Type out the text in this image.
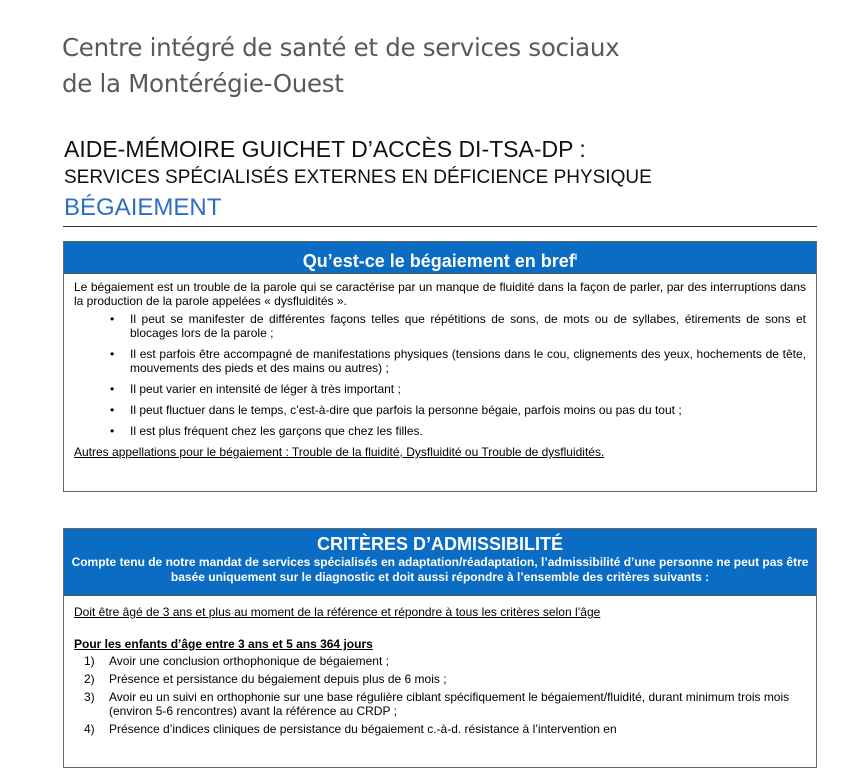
Centre intégré de santé et de services sociaux
de la Montérégie-Ouest
AIDE-MÉMOIRE GUICHET D’ACCÈS DI-TSA-DP :
SERVICES SPÉCIALISÉS EXTERNES EN DÉFICIENCE PHYSIQUE
BÉGAIEMENT
Qu’est-ce le bégaiement en bref$^i$

Le bégaiement est un trouble de la parole qui se caractérise par un manque de fluidité dans la façon de parler, par des interruptions dans la production de la parole appelées « dysfluidités ».

• Il peut se manifester de différentes façons telles que répétitions de sons, de mots ou de syllabes, étirements de sons et blocages lors de la parole ;
• Il est parfois être accompagné de manifestations physiques (tensions dans le cou, clignements des yeux, hochements de tête, mouvements des pieds et des mains ou autres) ;
• Il peut varier en intensité de léger à très important ;
• Il peut fluctuer dans le temps, c’est-à-dire que parfois la personne bégaie, parfois moins ou pas du tout ;
• Il est plus fréquent chez les garçons que chez les filles.
Autres appellations pour le bégaiement : Trouble de la fluidité, Dysfluidité ou Trouble de dysfluidités.
CRITÈRES D’ADMISSIBILITÉ
Compte tenu de notre mandat de services spécialisés en adaptation/réadaptation, l’admissibilité d’une personne ne peut pas être basée uniquement sur le diagnostic et doit aussi répondre à l’ensemble des critères suivants :
Doit être âgé de 3 ans et plus au moment de la référence et répondre à tous les critères selon l’âge
Pour les enfants d’âge entre 3 ans et 5 ans 364 jours
1) Avoir une conclusion orthophonique de bégaiement ;
2) Présence et persistance du bégaiement depuis plus de 6 mois ;
3) Avoir eu un suivi en orthophonie sur une base régulière ciblant spécifiquement le bégaiement/fluidité, durant minimum trois mois (environ 5-6 rencontres) avant la référence au CRDP ;
4) Présence d’indices cliniques de persistance du bégaiement c.-à-d. résistance à l’intervention en
